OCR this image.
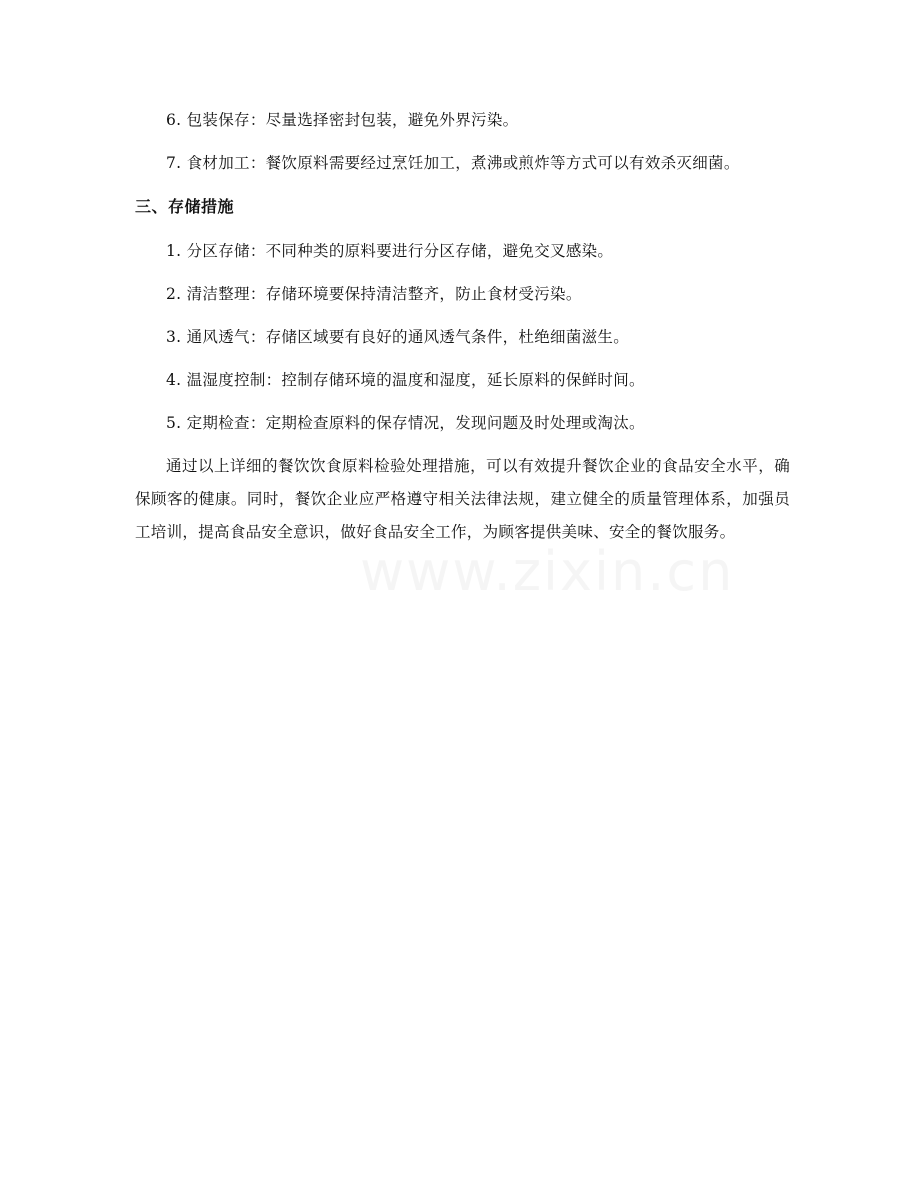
www.zixin.cn

6. 包装保存：尽量选择密封包装，避免外界污染。

7. 食材加工：餐饮原料需要经过烹饪加工，煮沸或煎炸等方式可以有效杀灭细菌。

三、存储措施

1. 分区存储：不同种类的原料要进行分区存储，避免交叉感染。

2. 清洁整理：存储环境要保持清洁整齐，防止食材受污染。

3. 通风透气：存储区域要有良好的通风透气条件，杜绝细菌滋生。

4. 温湿度控制：控制存储环境的温度和湿度，延长原料的保鲜时间。

5. 定期检查：定期检查原料的保存情况，发现问题及时处理或淘汰。

通过以上详细的餐饮饮食原料检验处理措施，可以有效提升餐饮企业的食品安全水平，确保顾客的健康。同时，餐饮企业应严格遵守相关法律法规，建立健全的质量管理体系，加强员工培训，提高食品安全意识，做好食品安全工作，为顾客提供美味、安全的餐饮服务。
